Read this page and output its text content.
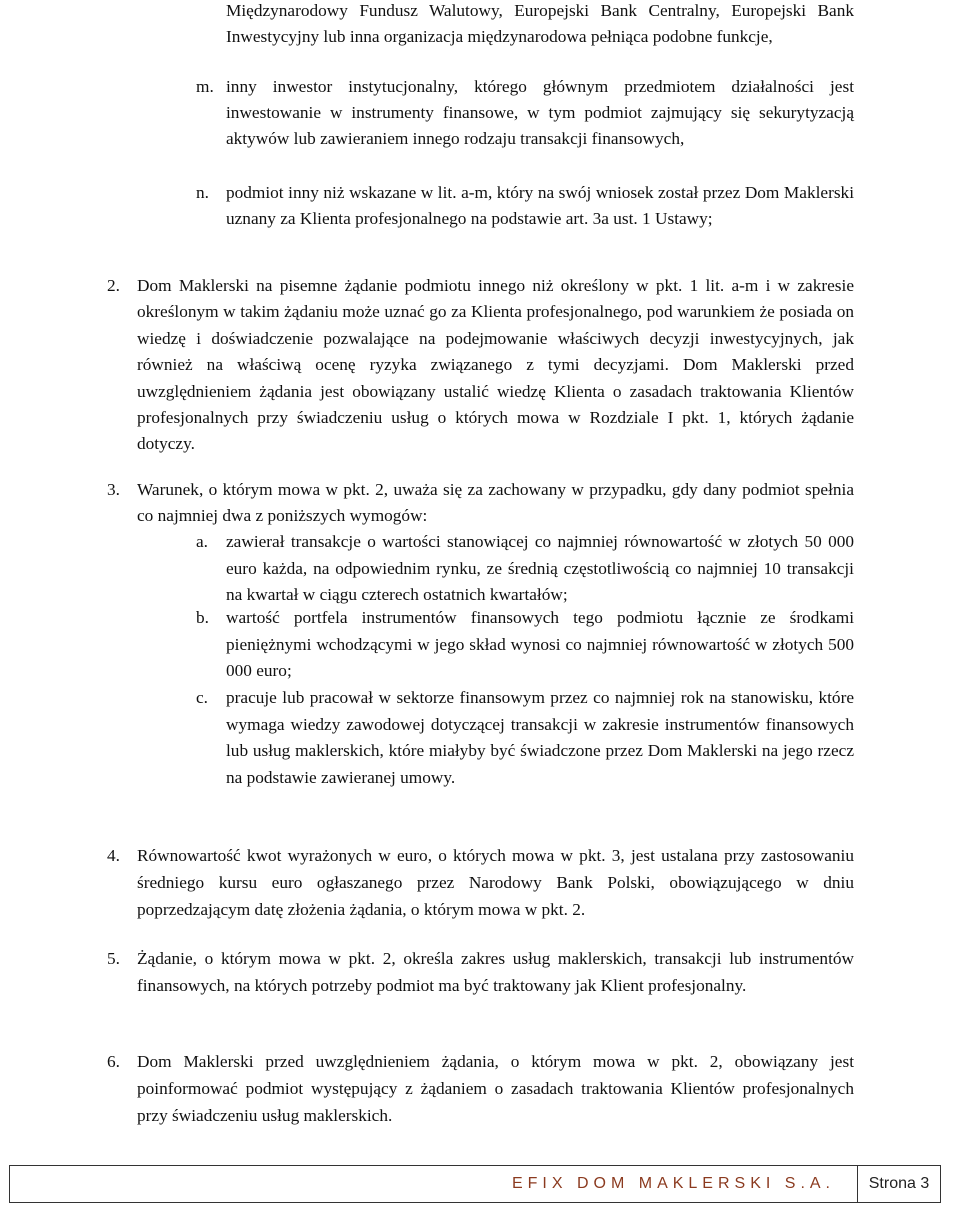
Międzynarodowy Fundusz Walutowy, Europejski Bank Centralny, Europejski Bank Inwestycyjny lub inna organizacja międzynarodowa pełniąca podobne funkcje,
m. inny inwestor instytucjonalny, którego głównym przedmiotem działalności jest inwestowanie w instrumenty finansowe, w tym podmiot zajmujący się sekurytyzacją aktywów lub zawieraniem innego rodzaju transakcji finansowych,
n. podmiot inny niż wskazane w lit. a-m, który na swój wniosek został przez Dom Maklerski uznany za Klienta profesjonalnego na podstawie art. 3a ust. 1 Ustawy;
2. Dom Maklerski na pisemne żądanie podmiotu innego niż określony w pkt. 1 lit. a-m i w zakresie określonym w takim żądaniu może uznać go za Klienta profesjonalnego, pod warunkiem że posiada on wiedzę i doświadczenie pozwalające na podejmowanie właściwych decyzji inwestycyjnych, jak również na właściwą ocenę ryzyka związanego z tymi decyzjami. Dom Maklerski przed uwzględnieniem żądania jest obowiązany ustalić wiedzę Klienta o zasadach traktowania Klientów profesjonalnych przy świadczeniu usług o których mowa w Rozdziale I pkt. 1, których żądanie dotyczy.
3. Warunek, o którym mowa w pkt. 2, uważa się za zachowany w przypadku, gdy dany podmiot spełnia co najmniej dwa z poniższych wymogów:
a.	zawierał transakcje o wartości stanowiącej co najmniej równowartość w złotych 50 000 euro każda, na odpowiednim rynku, ze średnią częstotliwością co najmniej 10 transakcji na kwartał w ciągu czterech ostatnich kwartałów;
b. wartość portfela instrumentów finansowych tego podmiotu łącznie ze środkami pieniężnymi wchodzącymi w jego skład wynosi co najmniej równowartość w złotych 500 000 euro;
c.	pracuje lub pracował w sektorze finansowym przez co najmniej rok na stanowisku, które wymaga wiedzy zawodowej dotyczącej transakcji w zakresie instrumentów finansowych lub usług maklerskich, które miałyby być świadczone przez Dom Maklerski na jego rzecz na podstawie zawieranej umowy.
4. Równowartość kwot wyrażonych w euro, o których mowa w pkt. 3, jest ustalana przy zastosowaniu średniego kursu euro ogłaszanego przez Narodowy Bank Polski, obowiązującego w dniu poprzedzającym datę złożenia żądania, o którym mowa w pkt. 2.
5. Żądanie, o którym mowa w pkt. 2, określa zakres usług maklerskich, transakcji lub instrumentów finansowych, na których potrzeby podmiot ma być traktowany jak Klient profesjonalny.
6. Dom Maklerski przed uwzględnieniem żądania, o którym mowa w pkt. 2, obowiązany jest poinformować podmiot występujący z żądaniem o zasadach traktowania Klientów profesjonalnych przy świadczeniu usług maklerskich.
EFIX DOM MAKLERSKI S.A. Strona 3
